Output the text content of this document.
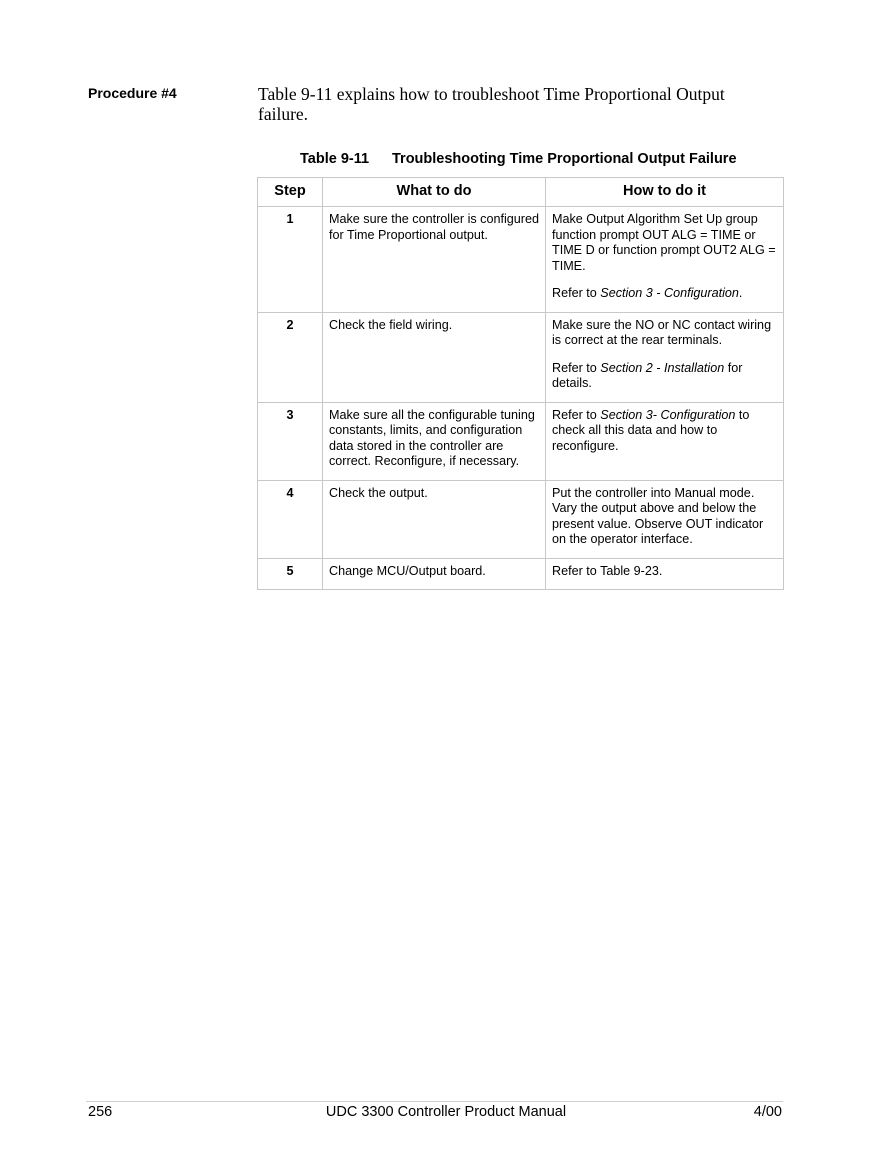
Procedure #4	Table 9-11 explains how to troubleshoot Time Proportional Output failure.
Table 9-11 Troubleshooting Time Proportional Output Failure
Step	What to do	How to do it
1	Make sure the controller is configured for Time Proportional output.	Make Output Algorithm Set Up group function prompt OUT ALG = TIME or TIME D or function prompt OUT2 ALG = TIME.

Refer to Section 3 - Configuration.

2	Check the field wiring.	Make sure the NO or NC contact wiring is correct at the rear terminals.

Refer to Section 2 - Installation for details.

3	Make sure all the configurable tuning constants, limits, and configuration data stored in the controller are correct. Reconfigure, if necessary.	Refer to Section 3- Configuration to check all this data and how to reconfigure.

4	Check the output.	Put the controller into Manual mode. Vary the output above and below the present value. Observe OUT indicator on the operator interface.

5	Change MCU/Output board.	Refer to Table 9-23.

256	UDC 3300 Controller Product Manual	4/00
